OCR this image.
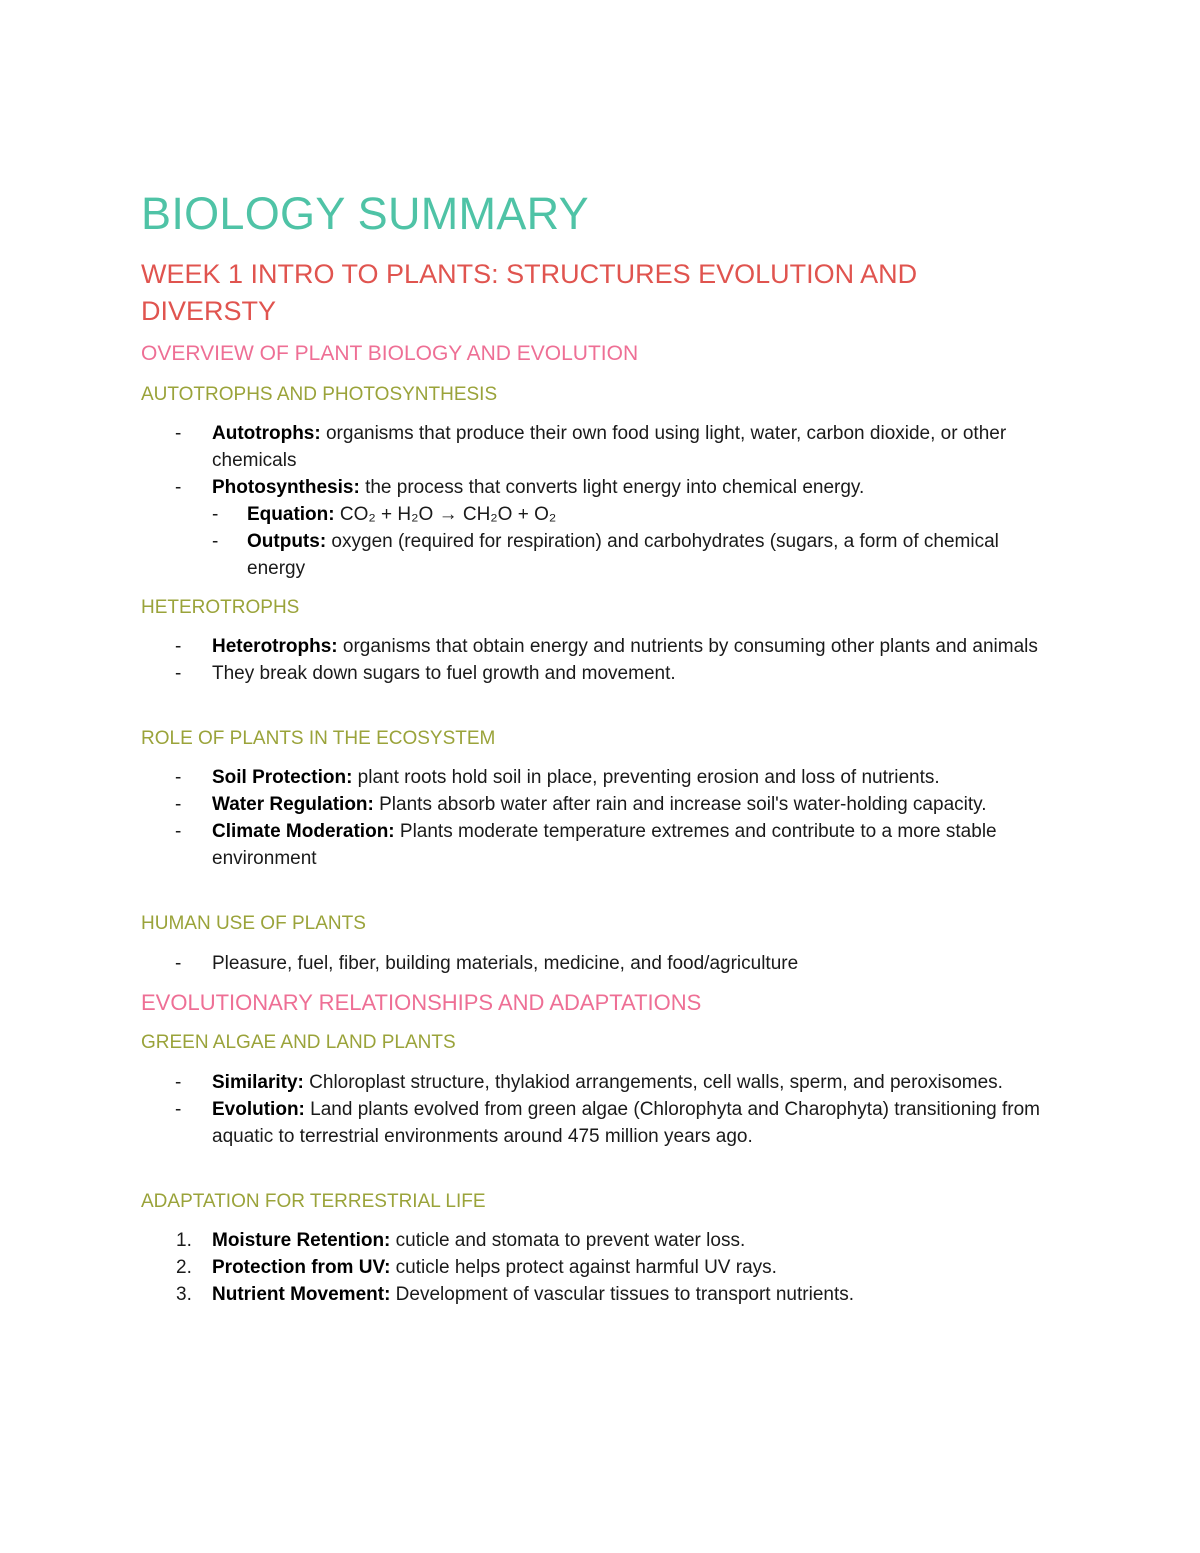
BIOLOGY SUMMARY
WEEK 1 INTRO TO PLANTS: STRUCTURES EVOLUTION AND DIVERSTY
OVERVIEW OF PLANT BIOLOGY AND EVOLUTION
AUTOTROPHS AND PHOTOSYNTHESIS
- Autotrophs: organisms that produce their own food using light, water, carbon dioxide, or other chemicals
- Photosynthesis: the process that converts light energy into chemical energy.
- Equation: CO₂ + H₂O → CH₂O + O₂
- Outputs: oxygen (required for respiration) and carbohydrates (sugars, a form of chemical energy
HETEROTROPHS
- Heterotrophs: organisms that obtain energy and nutrients by consuming other plants and animals
- They break down sugars to fuel growth and movement.
ROLE OF PLANTS IN THE ECOSYSTEM
- Soil Protection: plant roots hold soil in place, preventing erosion and loss of nutrients.
- Water Regulation: Plants absorb water after rain and increase soil's water-holding capacity.
- Climate Moderation: Plants moderate temperature extremes and contribute to a more stable environment
HUMAN USE OF PLANTS
- Pleasure, fuel, fiber, building materials, medicine, and food/agriculture
EVOLUTIONARY RELATIONSHIPS AND ADAPTATIONS
GREEN ALGAE AND LAND PLANTS
- Similarity: Chloroplast structure, thylakiod arrangements, cell walls, sperm, and peroxisomes.
- Evolution: Land plants evolved from green algae (Chlorophyta and Charophyta) transitioning from aquatic to terrestrial environments around 475 million years ago.
ADAPTATION FOR TERRESTRIAL LIFE
1. Moisture Retention: cuticle and stomata to prevent water loss.
2. Protection from UV: cuticle helps protect against harmful UV rays.
3. Nutrient Movement: Development of vascular tissues to transport nutrients.
